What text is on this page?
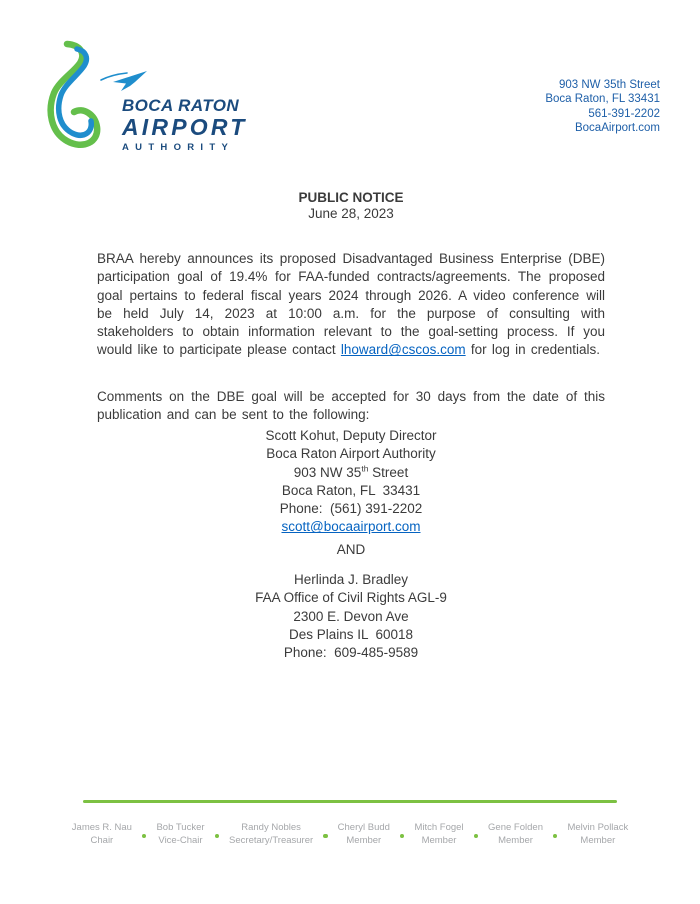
BOCA RATON
AIRPORT
AUTHORITY
903 NW 35th Street
Boca Raton, FL 33431
561-391-2202
BocaAirport.com
PUBLIC NOTICE
June 28, 2023

BRAA hereby announces its proposed Disadvantaged Business Enterprise (DBE) participation goal of 19.4% for FAA-funded contracts/agreements. The proposed goal pertains to federal fiscal years 2024 through 2026. A video conference will be held July 14, 2023 at 10:00 a.m. for the purpose of consulting with stakeholders to obtain information relevant to the goal-setting process. If you would like to participate please contact lhoward@cscos.com for log in credentials.

Comments on the DBE goal will be accepted for 30 days from the date of this publication and can be sent to the following:

Scott Kohut, Deputy Director
Boca Raton Airport Authority
903 NW 35th Street
Boca Raton, FL  33431
Phone:  (561) 391-2202
scott@bocaairport.com
AND
Herlinda J. Bradley
FAA Office of Civil Rights AGL-9
2300 E. Devon Ave
Des Plains IL  60018
Phone:  609-485-9589
James R. Nau
Chair
Bob Tucker
Vice-Chair
Randy Nobles
Secretary/Treasurer
Cheryl Budd
Member
Mitch Fogel
Member
Gene Folden
Member
Melvin Pollack
Member
